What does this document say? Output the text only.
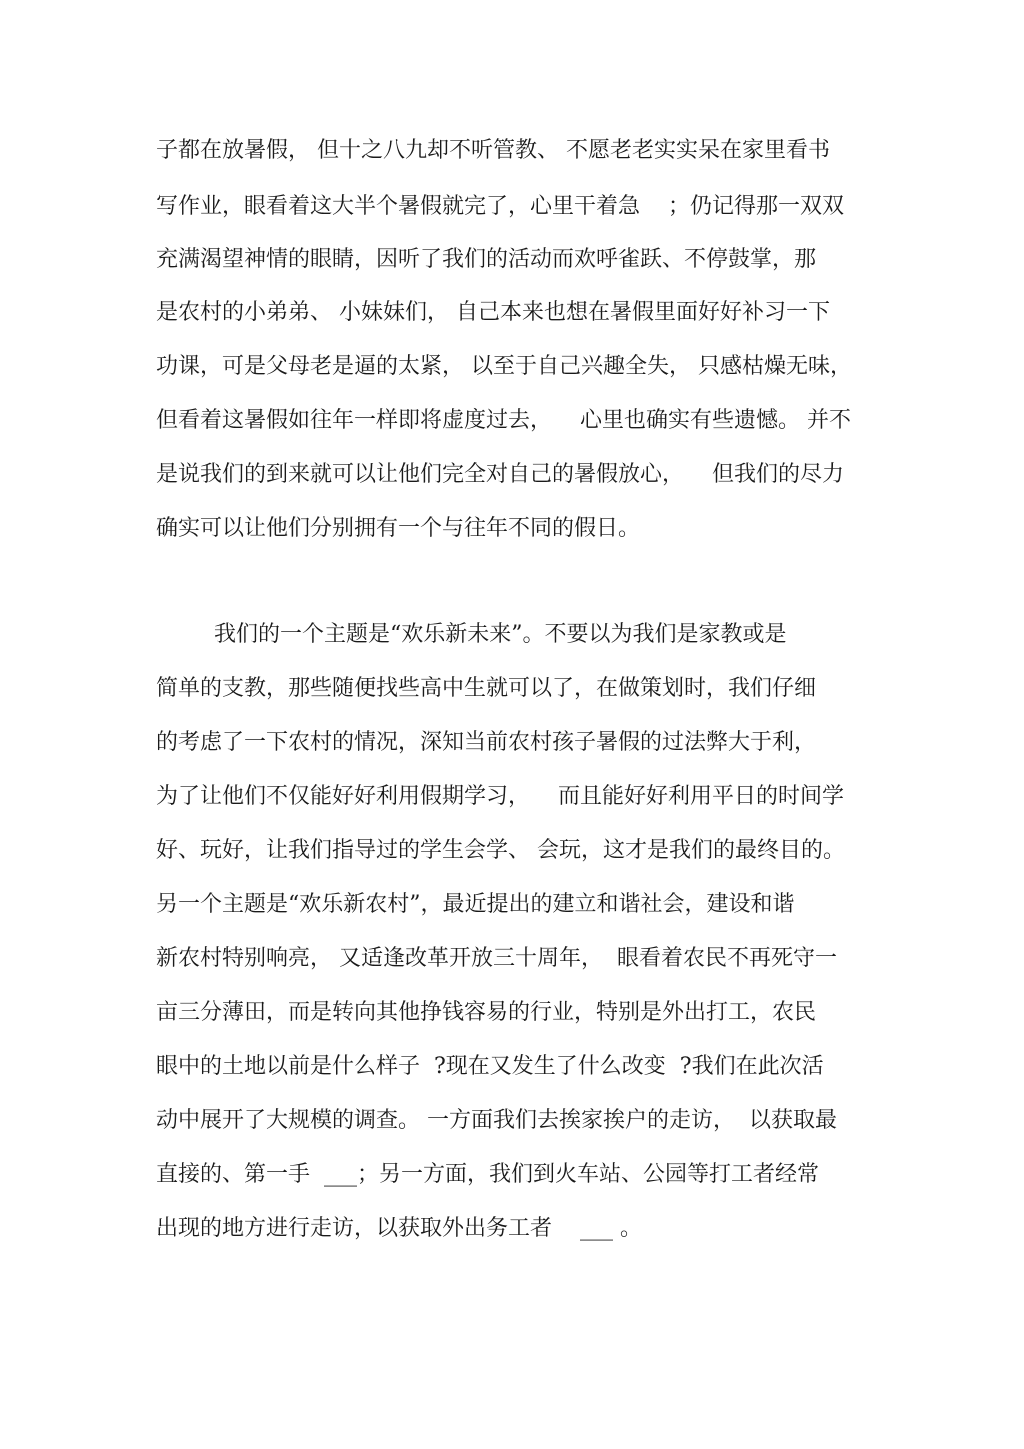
子都在放暑假， 但十之八九却不听管教、 不愿老老实实呆在家里看书
写作业，眼看着这大半个暑假就完了，心里干着急    ；仍记得那一双双
充满渴望神情的眼睛，因听了我们的活动而欢呼雀跃、不停鼓掌，那
是农村的小弟弟、 小妹妹们， 自己本来也想在暑假里面好好补习一下
功课，可是父母老是逼的太紧， 以至于自己兴趣全失， 只感枯燥无味，
但看着这暑假如往年一样即将虚度过去，    心里也确实有些遗憾。 并不
是说我们的到来就可以让他们完全对自己的暑假放心，    但我们的尽力
确实可以让他们分别拥有一个与往年不同的假日。
我们的一个主题是“欢乐新未来”。不要以为我们是家教或是
简单的支教，那些随便找些高中生就可以了，在做策划时，我们仔细
的考虑了一下农村的情况，深知当前农村孩子暑假的过法弊大于利，
为了让他们不仅能好好利用假期学习，    而且能好好利用平日的时间学
好、玩好，让我们指导过的学生会学、 会玩，这才是我们的最终目的。
另一个主题是“欢乐新农村”，最近提出的建立和谐社会，建设和谐
新农村特别响亮， 又适逢改革开放三十周年，  眼看着农民不再死守一
亩三分薄田，而是转向其他挣钱容易的行业，特别是外出打工，农民
眼中的土地以前是什么样子  ?现在又发生了什么改变  ?我们在此次活
动中展开了大规模的调查。 一方面我们去挨家挨户的走访，  以获取最
直接的、第一手  ___；另一方面，我们到火车站、公园等打工者经常
出现的地方进行走访，以获取外出务工者    ___ 。
